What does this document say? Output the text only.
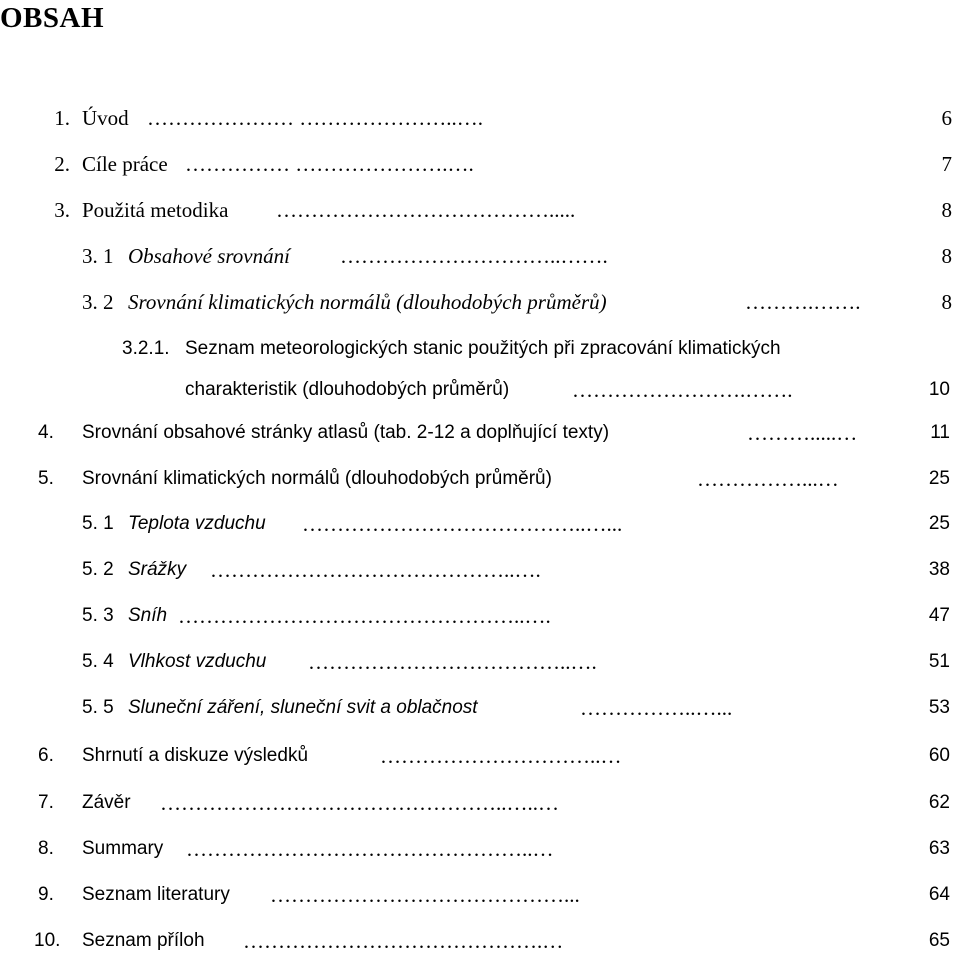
OBSAH
1. Úvod ………………… …………………..….	6
2. Cíle práce …………… ………………….….	7
3. Použitá metodika ………………………………….....	8
3. 1 Obsahové srovnání …………………………..…….	8
3. 2 Srovnání klimatických normálů (dlouhodobých průměrů)	……….…….	8
3.2.1. Seznam meteorologických stanic použitých při zpracování klimatických
charakteristik (dlouhodobých průměrů)	…………………….…….	10
4. Srovnání obsahové stránky atlasů (tab. 2-12 a doplňující texty)	……….....…	11
5. Srovnání klimatických normálů (dlouhodobých průměrů)	……………...…	25
5. 1 Teplota vzduchu …………………………………..…...	25
5. 2 Srážky ……………………………………..….	38
5. 3 Sníh …………………………………………..….	47
5. 4 Vlhkost vzduchu ………………………………..….	51
5. 5 Sluneční záření, sluneční svit a oblačnost	……………..…...	53
6. Shrnutí a diskuze výsledků	…………………………..…	60
7. Závěr …………………………………………..…..…	62
8. Summary …………………………………………..…	63
9. Seznam literatury ……………………………………...	64
10. Seznam příloh …………………………………….…	65
